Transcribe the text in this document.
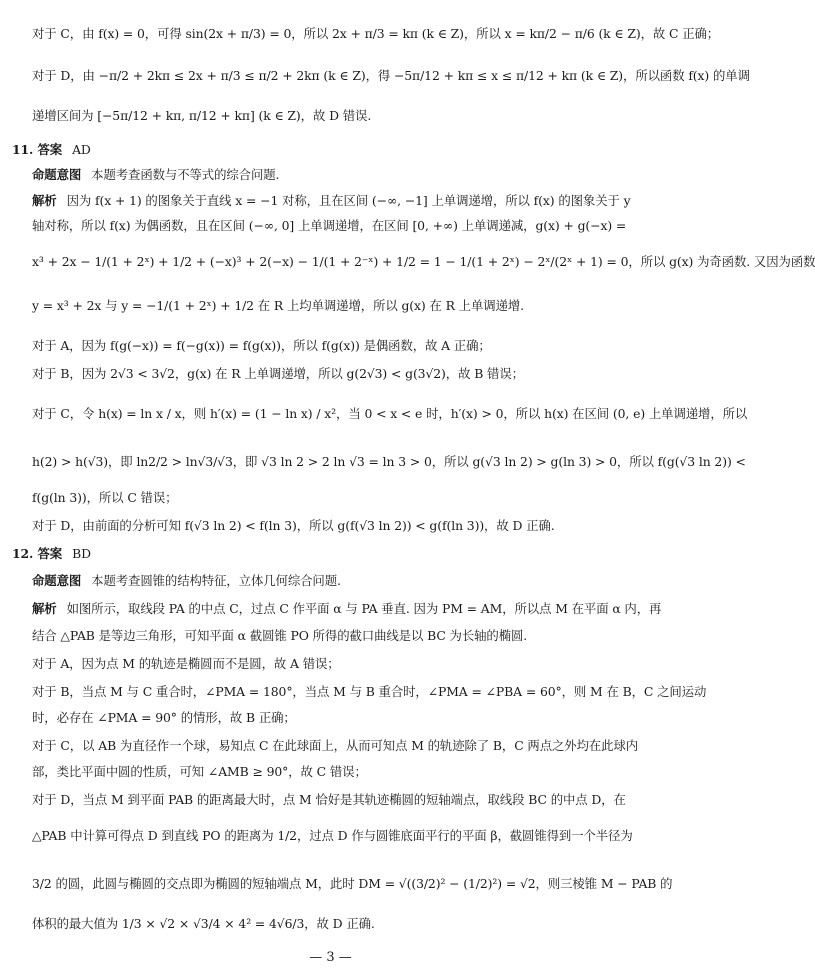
对于 C，由 f(x) = 0，可得 sin(2x + π/3) = 0，所以 2x + π/3 = kπ (k ∈ Z)，所以 x = kπ/2 − π/6 (k ∈ Z)，故 C 正确；
对于 D，由 −π/2 + 2kπ ≤ 2x + π/3 ≤ π/2 + 2kπ (k ∈ Z)，得 −5π/12 + kπ ≤ x ≤ π/12 + kπ (k ∈ Z)，所以函数 f(x) 的单调
递增区间为 [−5π/12 + kπ, π/12 + kπ] (k ∈ Z)，故 D 错误.
11. 答案 AD
命题意图 本题考查函数与不等式的综合问题.
解析 因为 f(x + 1) 的图象关于直线 x = −1 对称，且在区间 (−∞, −1] 上单调递增，所以 f(x) 的图象关于 y
轴对称，所以 f(x) 为偶函数，且在区间 (−∞, 0] 上单调递增，在区间 [0, +∞) 上单调递减，g(x) + g(−x) =
x³ + 2x − 1/(1 + 2ˣ) + 1/2 + (−x)³ + 2(−x) − 1/(1 + 2⁻ˣ) + 1/2 = 1 − 1/(1 + 2ˣ) − 2ˣ/(2ˣ + 1) = 0，所以 g(x) 为奇函数. 又因为函数
y = x³ + 2x 与 y = −1/(1 + 2ˣ) + 1/2 在 R 上均单调递增，所以 g(x) 在 R 上单调递增.
对于 A，因为 f(g(−x)) = f(−g(x)) = f(g(x))，所以 f(g(x)) 是偶函数，故 A 正确；
对于 B，因为 2√3 < 3√2，g(x) 在 R 上单调递增，所以 g(2√3) < g(3√2)，故 B 错误；
对于 C，令 h(x) = ln x / x，则 h′(x) = (1 − ln x) / x²，当 0 < x < e 时，h′(x) > 0，所以 h(x) 在区间 (0, e) 上单调递增，所以
h(2) > h(√3)，即 ln2/2 > ln√3/√3，即 √3 ln 2 > 2 ln √3 = ln 3 > 0，所以 g(√3 ln 2) > g(ln 3) > 0，所以 f(g(√3 ln 2)) <
f(g(ln 3))，所以 C 错误；
对于 D，由前面的分析可知 f(√3 ln 2) < f(ln 3)，所以 g(f(√3 ln 2)) < g(f(ln 3))，故 D 正确.
12. 答案 BD
命题意图 本题考查圆锥的结构特征，立体几何综合问题.
解析 如图所示，取线段 PA 的中点 C，过点 C 作平面 α 与 PA 垂直. 因为 PM = AM，所以点 M 在平面 α 内，再
结合 △PAB 是等边三角形，可知平面 α 截圆锥 PO 所得的截口曲线是以 BC 为长轴的椭圆.
对于 A，因为点 M 的轨迹是椭圆而不是圆，故 A 错误；
对于 B，当点 M 与 C 重合时，∠PMA = 180°，当点 M 与 B 重合时，∠PMA = ∠PBA = 60°，则 M 在 B，C 之间运动
时，必存在 ∠PMA = 90° 的情形，故 B 正确；
对于 C，以 AB 为直径作一个球，易知点 C 在此球面上，从而可知点 M 的轨迹除了 B，C 两点之外均在此球内
部，类比平面中圆的性质，可知 ∠AMB ≥ 90°，故 C 错误；
对于 D，当点 M 到平面 PAB 的距离最大时，点 M 恰好是其轨迹椭圆的短轴端点，取线段 BC 的中点 D，在
△PAB 中计算可得点 D 到直线 PO 的距离为 1/2，过点 D 作与圆锥底面平行的平面 β，截圆锥得到一个半径为
3/2 的圆，此圆与椭圆的交点即为椭圆的短轴端点 M，此时 DM = √((3/2)² − (1/2)²) = √2，则三棱锥 M − PAB 的
体积的最大值为 1/3 × √2 × √3/4 × 4² = 4√6/3，故 D 正确.
— 3 —
